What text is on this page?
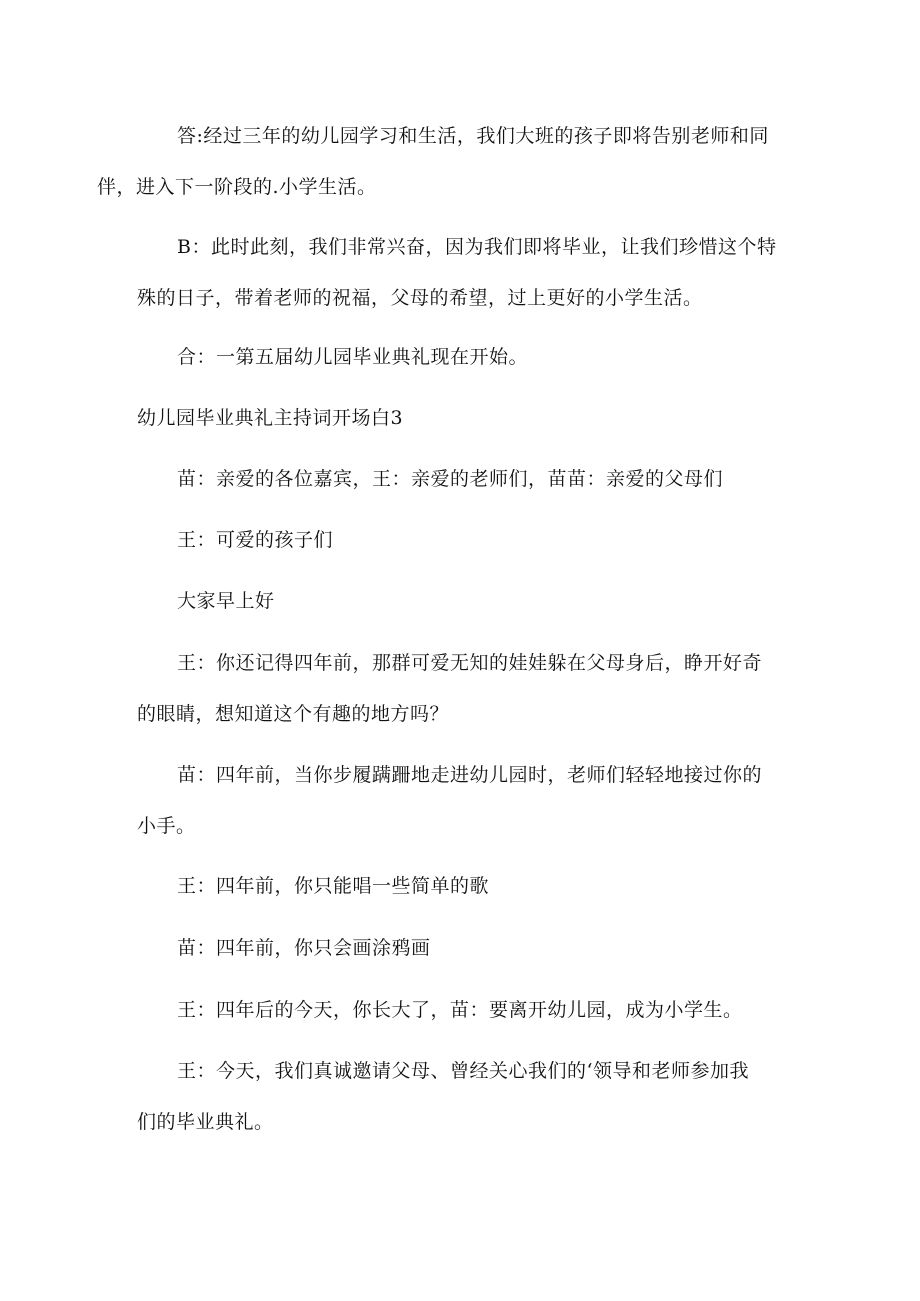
答:经过三年的幼儿园学习和生活，我们大班的孩子即将告别老师和同
伴，进入下一阶段的.小学生活。
B：此时此刻，我们非常兴奋，因为我们即将毕业，让我们珍惜这个特
殊的日子，带着老师的祝福，父母的希望，过上更好的小学生活。
合：一第五届幼儿园毕业典礼现在开始。
幼儿园毕业典礼主持词开场白3
苗：亲爱的各位嘉宾，王：亲爱的老师们，苗苗：亲爱的父母们
王：可爱的孩子们
大家早上好
王：你还记得四年前，那群可爱无知的娃娃躲在父母身后，睁开好奇
的眼睛，想知道这个有趣的地方吗？
苗：四年前，当你步履蹒跚地走进幼儿园时，老师们轻轻地接过你的
小手。
王：四年前，你只能唱一些简单的歌
苗：四年前，你只会画涂鸦画
王：四年后的今天，你长大了，苗：要离开幼儿园，成为小学生。
王：今天，我们真诚邀请父母、曾经关心我们的‘领导和老师参加我
们的毕业典礼。
